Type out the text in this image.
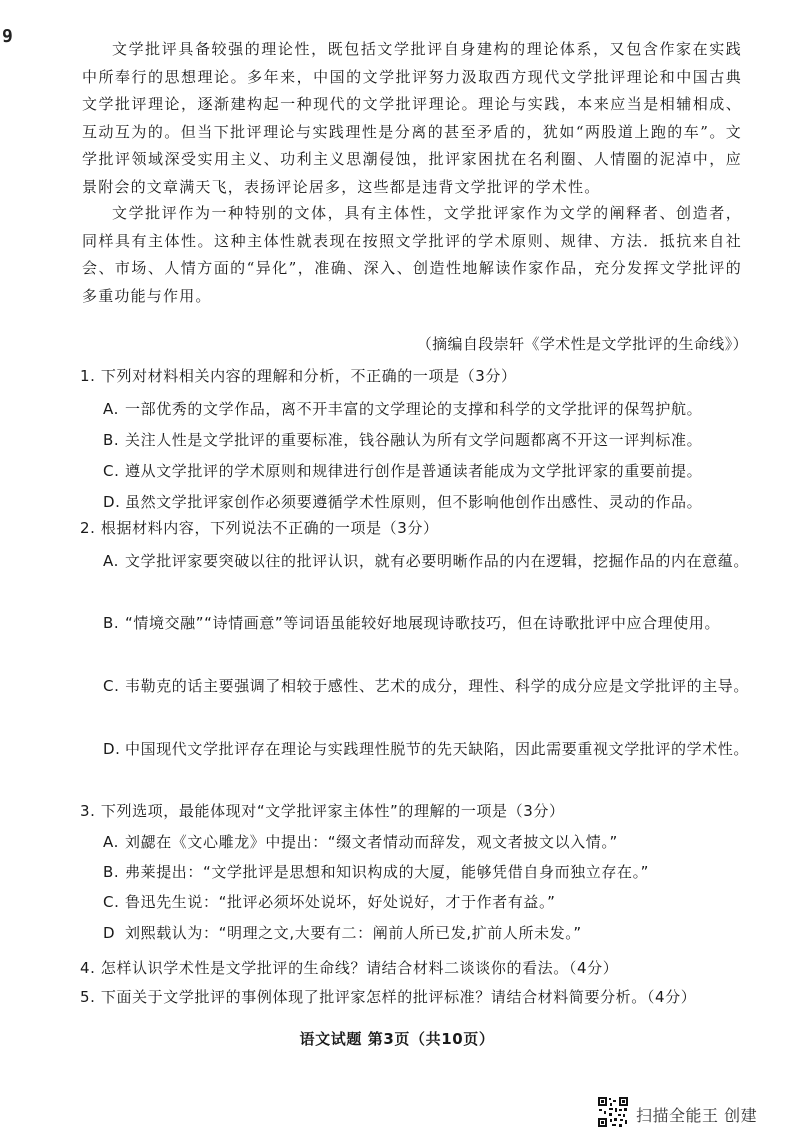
9

文学批评具备较强的理论性，既包括文学批评自身建构的理论体系，又包含作家在实践中所奉行的思想理论。多年来，中国的文学批评努力汲取西方现代文学批评理论和中国古典文学批评理论，逐渐建构起一种现代的文学批评理论。理论与实践，本来应当是相辅相成、互动互为的。但当下批评理论与实践理性是分离的甚至矛盾的，犹如“两股道上跑的车”。文学批评领域深受实用主义、功利主义思潮侵蚀，批评家困扰在名利圈、人情圈的泥淖中，应景附会的文章满天飞，表扬评论居多，这些都是违背文学批评的学术性。

文学批评作为一种特别的文体，具有主体性，文学批评家作为文学的阐释者、创造者，同样具有主体性。这种主体性就表现在按照文学批评的学术原则、规律、方法．抵抗来自社会、市场、人情方面的“异化”，准确、深入、创造性地解读作家作品，充分发挥文学批评的多重功能与作用。

（摘编自段崇轩《学术性是文学批评的生命线》）
1. 下列对材料相关内容的理解和分析，不正确的一项是（3分）
A. 一部优秀的文学作品，离不开丰富的文学理论的支撑和科学的文学批评的保驾护航。
B. 关注人性是文学批评的重要标准，钱谷融认为所有文学问题都离不开这一评判标准。
C. 遵从文学批评的学术原则和规律进行创作是普通读者能成为文学批评家的重要前提。
D. 虽然文学批评家创作必须要遵循学术性原则，但不影响他创作出感性、灵动的作品。
2. 根据材料内容，下列说法不正确的一项是（3分）
A. 文学批评家要突破以往的批评认识，就有必要明晰作品的内在逻辑，挖掘作品的内在意蕴。
B. “情境交融”“诗情画意”等词语虽能较好地展现诗歌技巧，但在诗歌批评中应合理使用。
C. 韦勒克的话主要强调了相较于感性、艺术的成分，理性、科学的成分应是文学批评的主导。
D. 中国现代文学批评存在理论与实践理性脱节的先天缺陷，因此需要重视文学批评的学术性。
3. 下列选项，最能体现对“文学批评家主体性”的理解的一项是（3分）
A. 刘勰在《文心雕龙》中提出：“缀文者情动而辞发，观文者披文以入情。”
B. 弗莱提出：“文学批评是思想和知识构成的大厦，能够凭借自身而独立存在。”
C. 鲁迅先生说：“批评必须坏处说坏，好处说好，才于作者有益。”
D 刘熙载认为：“明理之文,大要有二：阐前人所已发,扩前人所未发。”
4. 怎样认识学术性是文学批评的生命线？请结合材料二谈谈你的看法。（4分）
5. 下面关于文学批评的事例体现了批评家怎样的批评标准？请结合材料简要分析。（4分）
语文试题 第3页（共10页）
扫描全能王 创建
